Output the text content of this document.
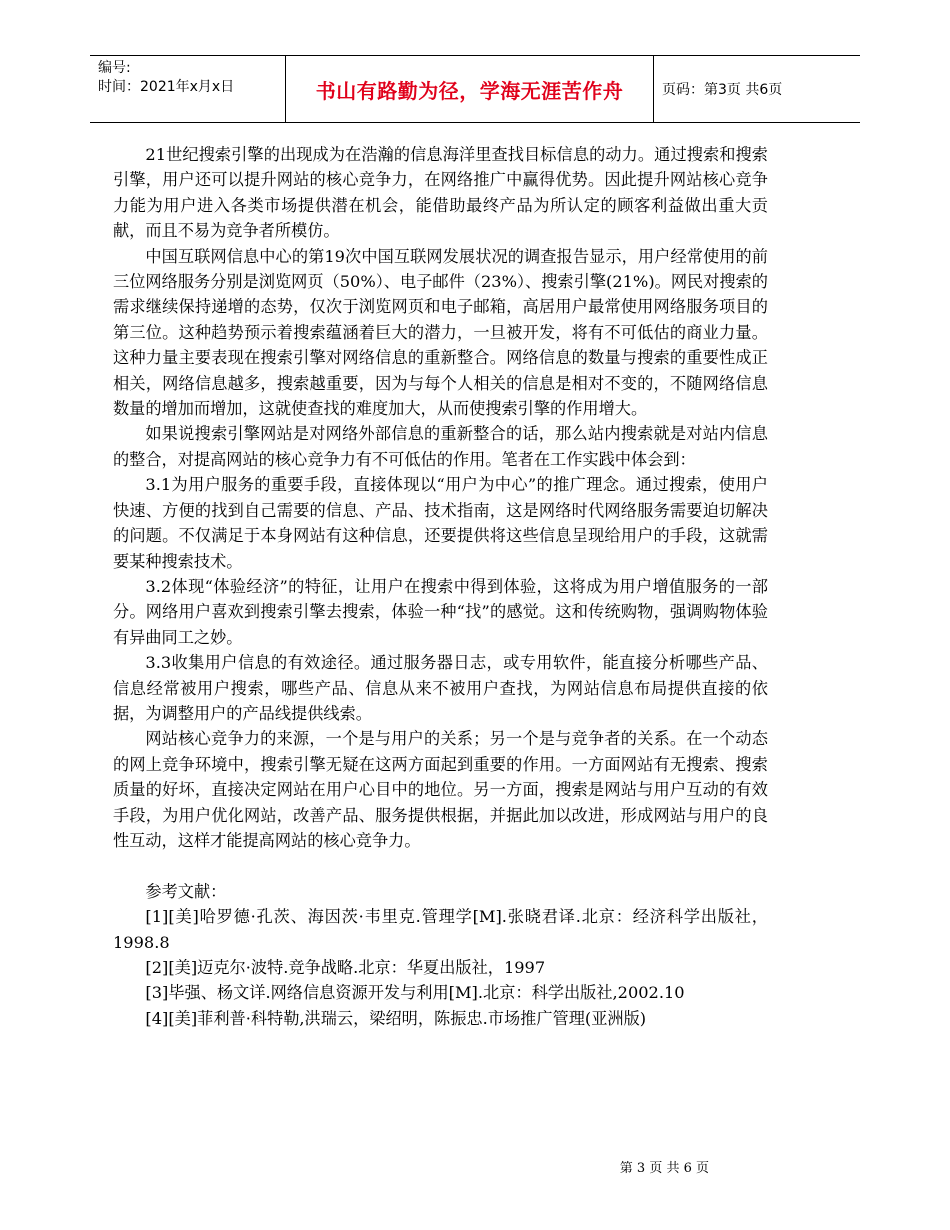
编号:
时间：2021年x月x日	书山有路勤为径，学海无涯苦作舟	页码：第3页 共6页

21世纪搜索引擎的出现成为在浩瀚的信息海洋里查找目标信息的动力。通过搜索和搜索引擎，用户还可以提升网站的核心竞争力，在网络推广中赢得优势。因此提升网站核心竞争力能为用户进入各类市场提供潜在机会，能借助最终产品为所认定的顾客利益做出重大贡献，而且不易为竞争者所模仿。

中国互联网信息中心的第19次中国互联网发展状况的调查报告显示，用户经常使用的前三位网络服务分别是浏览网页（50%）、电子邮件（23%）、搜索引擎(21%)。网民对搜索的需求继续保持递增的态势，仅次于浏览网页和电子邮箱，高居用户最常使用网络服务项目的第三位。这种趋势预示着搜索蕴涵着巨大的潜力，一旦被开发，将有不可低估的商业力量。这种力量主要表现在搜索引擎对网络信息的重新整合。网络信息的数量与搜索的重要性成正相关，网络信息越多，搜索越重要，因为与每个人相关的信息是相对不变的，不随网络信息数量的增加而增加，这就使查找的难度加大，从而使搜索引擎的作用增大。

如果说搜索引擎网站是对网络外部信息的重新整合的话，那么站内搜索就是对站内信息的整合，对提高网站的核心竞争力有不可低估的作用。笔者在工作实践中体会到：

3.1为用户服务的重要手段，直接体现以“用户为中心”的推广理念。通过搜索，使用户快速、方便的找到自己需要的信息、产品、技术指南，这是网络时代网络服务需要迫切解决的问题。不仅满足于本身网站有这种信息，还要提供将这些信息呈现给用户的手段，这就需要某种搜索技术。

3.2体现“体验经济”的特征，让用户在搜索中得到体验，这将成为用户增值服务的一部分。网络用户喜欢到搜索引擎去搜索，体验一种“找”的感觉。这和传统购物，强调购物体验有异曲同工之妙。

3.3收集用户信息的有效途径。通过服务器日志，或专用软件，能直接分析哪些产品、信息经常被用户搜索，哪些产品、信息从来不被用户查找，为网站信息布局提供直接的依据，为调整用户的产品线提供线索。

网站核心竞争力的来源，一个是与用户的关系；另一个是与竞争者的关系。在一个动态的网上竞争环境中，搜索引擎无疑在这两方面起到重要的作用。一方面网站有无搜索、搜索质量的好坏，直接决定网站在用户心目中的地位。另一方面，搜索是网站与用户互动的有效手段，为用户优化网站，改善产品、服务提供根据，并据此加以改进，形成网站与用户的良性互动，这样才能提高网站的核心竞争力。

参考文献：

[1][美]哈罗德·孔茨、海因茨·韦里克.管理学[M].张晓君译.北京：经济科学出版社，1998.8

[2][美]迈克尔·波特.竞争战略.北京：华夏出版社，1997

[3]毕强、杨文详.网络信息资源开发与利用[M].北京：科学出版社,2002.10

[4][美]菲利普·科特勒,洪瑞云，梁绍明，陈振忠.市场推广管理(亚洲版)

第 3 页 共 6 页
